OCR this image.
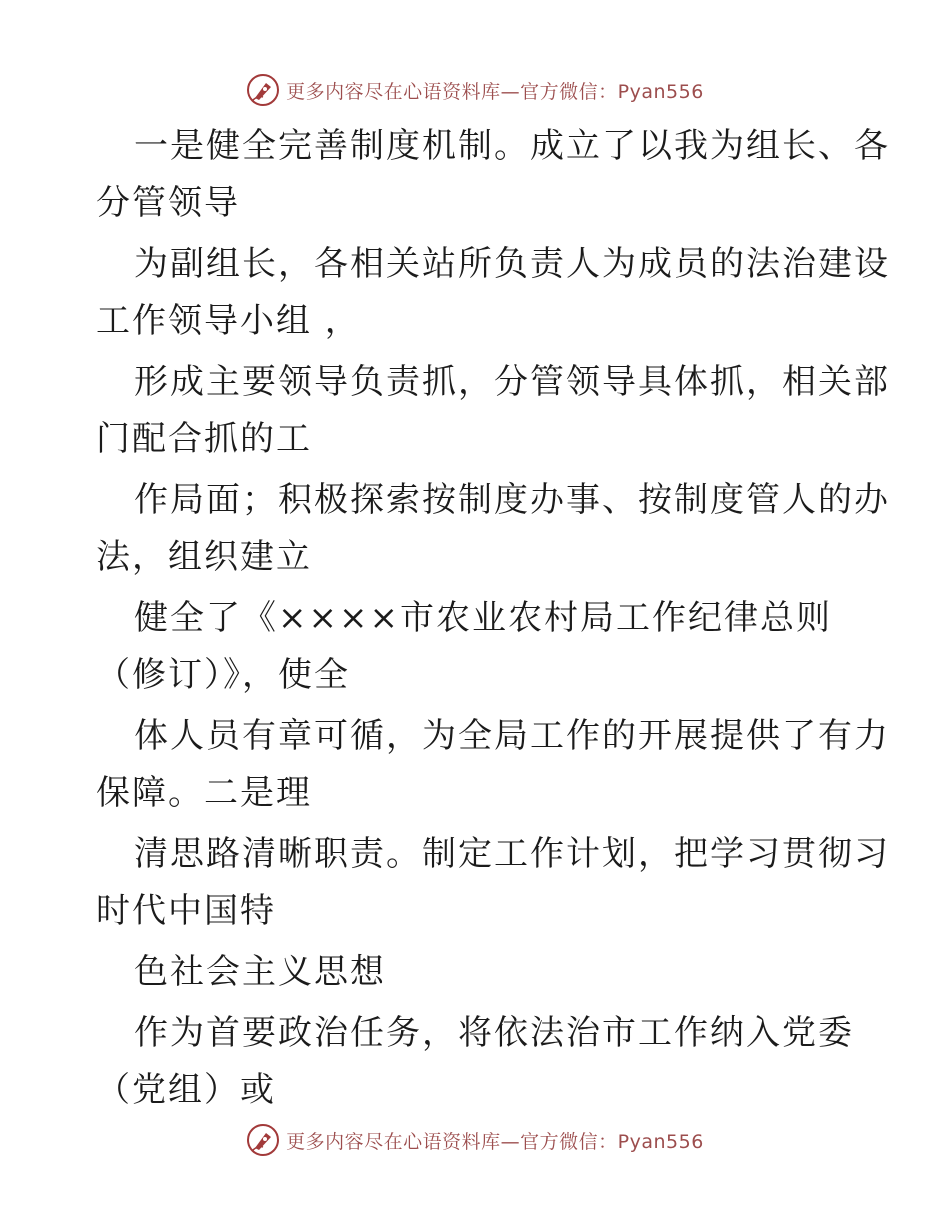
更多内容尽在心语资料库—官方微信：Pyan556
一是健全完善制度机制。成立了以我为组长、各
分管领导
为副组长，各相关站所负责人为成员的法治建设
工作领导小组 ，
形成主要领导负责抓，分管领导具体抓，相关部
门配合抓的工
作局面；积极探索按制度办事、按制度管人的办
法，组织建立
健全了《××××市农业农村局工作纪律总则
（修订）》，使全
体人员有章可循，为全局工作的开展提供了有力
保障。二是理
清思路清晰职责。制定工作计划，把学习贯彻习
时代中国特
色社会主义思想
作为首要政治任务，将依法治市工作纳入党委
（党组）或
更多内容尽在心语资料库—官方微信：Pyan556
